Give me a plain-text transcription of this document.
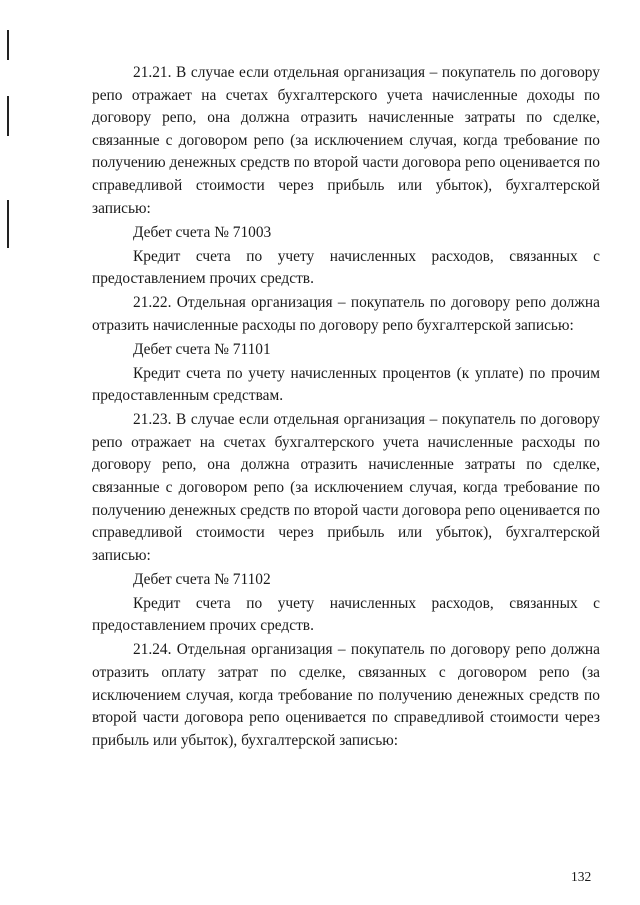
21.21. В случае если отдельная организация – покупатель по договору репо отражает на счетах бухгалтерского учета начисленные доходы по договору репо, она должна отразить начисленные затраты по сделке, связанные с договором репо (за исключением случая, когда требование по получению денежных средств по второй части договора репо оценивается по справедливой стоимости через прибыль или убыток), бухгалтерской записью:

Дебет счета № 71003

Кредит счета по учету начисленных расходов, связанных с предоставлением прочих средств.

21.22. Отдельная организация – покупатель по договору репо должна отразить начисленные расходы по договору репо бухгалтерской записью:

Дебет счета № 71101

Кредит счета по учету начисленных процентов (к уплате) по прочим предоставленным средствам.

21.23. В случае если отдельная организация – покупатель по договору репо отражает на счетах бухгалтерского учета начисленные расходы по договору репо, она должна отразить начисленные затраты по сделке, связанные с договором репо (за исключением случая, когда требование по получению денежных средств по второй части договора репо оценивается по справедливой стоимости через прибыль или убыток), бухгалтерской записью:

Дебет счета № 71102

Кредит счета по учету начисленных расходов, связанных с предоставлением прочих средств.

21.24. Отдельная организация – покупатель по договору репо должна отразить оплату затрат по сделке, связанных с договором репо (за исключением случая, когда требование по получению денежных средств по второй части договора репо оценивается по справедливой стоимости через прибыль или убыток), бухгалтерской записью:

132
